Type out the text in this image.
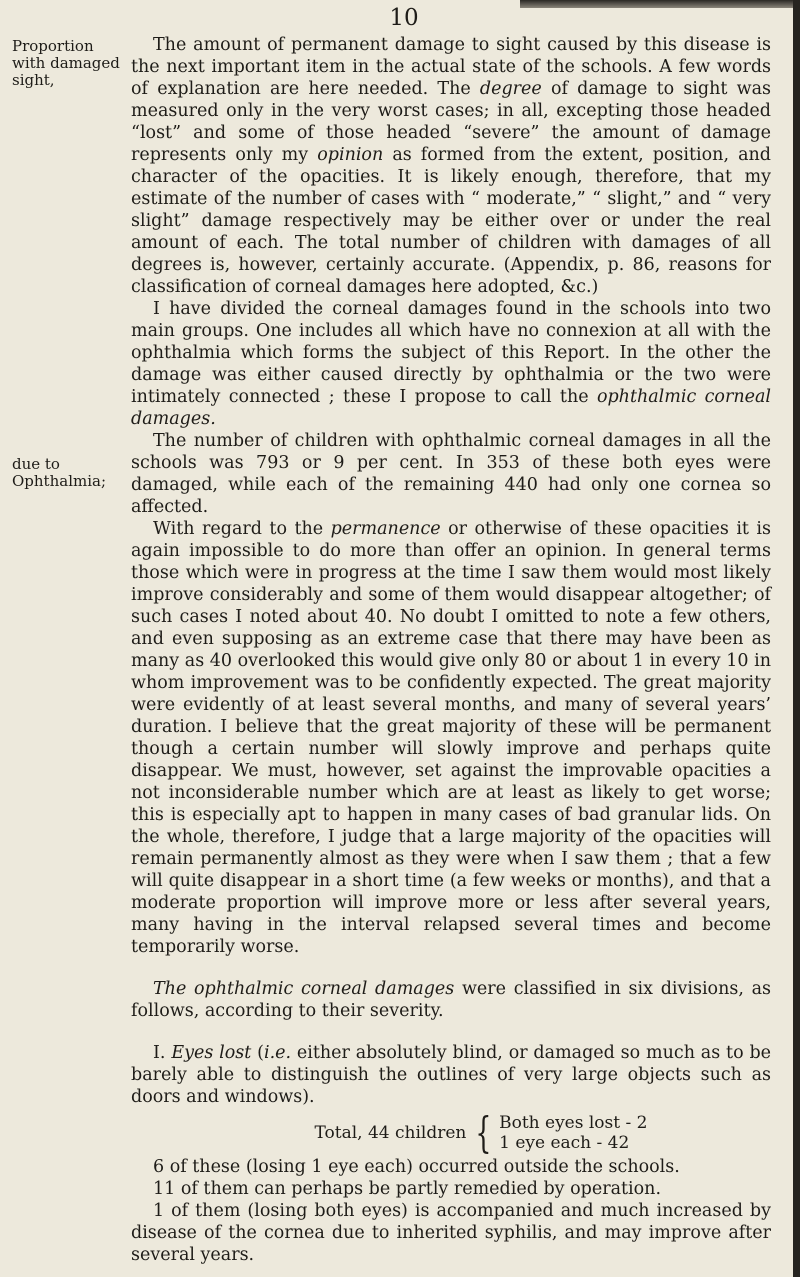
10
Proportion with damaged sight,
due to Ophthalmia;

The amount of permanent damage to sight caused by this disease is the next important item in the actual state of the schools. A few words of explanation are here needed. The degree of damage to sight was measured only in the very worst cases; in all, excepting those headed “lost” and some of those headed “severe” the amount of damage represents only my opinion as formed from the extent, position, and character of the opacities. It is likely enough, therefore, that my estimate of the number of cases with “ moderate,” “ slight,” and “ very slight” damage respectively may be either over or under the real amount of each. The total number of children with damages of all degrees is, however, certainly accurate. (Appendix, p. 86, reasons for classification of corneal damages here adopted, &c.)

I have divided the corneal damages found in the schools into two main groups. One includes all which have no connexion at all with the ophthalmia which forms the subject of this Report. In the other the damage was either caused directly by ophthalmia or the two were intimately connected ; these I propose to call the ophthalmic corneal damages.

The number of children with ophthalmic corneal damages in all the schools was 793 or 9 per cent. In 353 of these both eyes were damaged, while each of the remaining 440 had only one cornea so affected.

With regard to the permanence or otherwise of these opacities it is again impossible to do more than offer an opinion. In general terms those which were in progress at the time I saw them would most likely improve considerably and some of them would disappear altogether; of such cases I noted about 40. No doubt I omitted to note a few others, and even supposing as an extreme case that there may have been as many as 40 overlooked this would give only 80 or about 1 in every 10 in whom improvement was to be confidently expected. The great majority were evidently of at least several months, and many of several years’ duration. I believe that the great majority of these will be permanent though a certain number will slowly improve and perhaps quite disappear. We must, however, set against the improvable opacities a not inconsiderable number which are at least as likely to get worse; this is especially apt to happen in many cases of bad granular lids. On the whole, therefore, I judge that a large majority of the opacities will remain permanently almost as they were when I saw them ; that a few will quite disappear in a short time (a few weeks or months), and that a moderate proportion will improve more or less after several years, many having in the interval relapsed several times and become temporarily worse.

The ophthalmic corneal damages were classified in six divisions, as follows, according to their severity.

I. Eyes lost (i.e. either absolutely blind, or damaged so much as to be barely able to distinguish the outlines of very large objects such as doors and windows).

Total, 44 children { Both eyes lost - 2
1 eye each - 42

6 of these (losing 1 eye each) occurred outside the schools.

11 of them can perhaps be partly remedied by operation.

1 of them (losing both eyes) is accompanied and much increased by disease of the cornea due to inherited syphilis, and may improve after several years.
